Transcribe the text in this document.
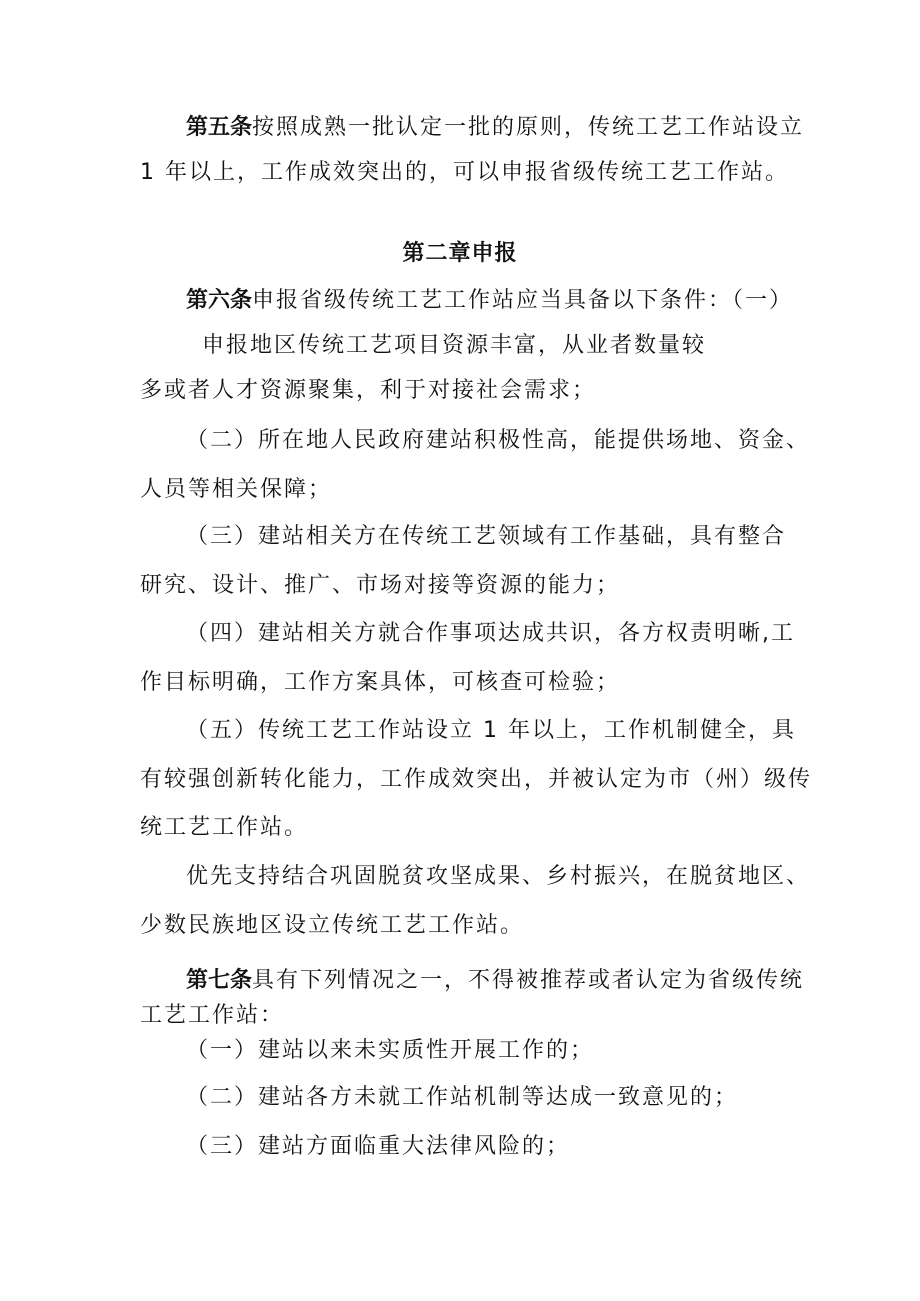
第五条按照成熟一批认定一批的原则，传统工艺工作站设立
1 年以上，工作成效突出的，可以申报省级传统工艺工作站。
第二章申报
第六条申报省级传统工艺工作站应当具备以下条件：（一）
申报地区传统工艺项目资源丰富，从业者数量较
多或者人才资源聚集，利于对接社会需求；
（二）所在地人民政府建站积极性高，能提供场地、资金、
人员等相关保障；
（三）建站相关方在传统工艺领域有工作基础，具有整合
研究、设计、推广、市场对接等资源的能力；
（四）建站相关方就合作事项达成共识，各方权责明晰,工
作目标明确，工作方案具体，可核查可检验；
（五）传统工艺工作站设立 1 年以上，工作机制健全，具
有较强创新转化能力，工作成效突出，并被认定为市（州）级传
统工艺工作站。
优先支持结合巩固脱贫攻坚成果、乡村振兴，在脱贫地区、
少数民族地区设立传统工艺工作站。
第七条具有下列情况之一，不得被推荐或者认定为省级传统
工艺工作站：
（一）建站以来未实质性开展工作的；
（二）建站各方未就工作站机制等达成一致意见的；
（三）建站方面临重大法律风险的；
